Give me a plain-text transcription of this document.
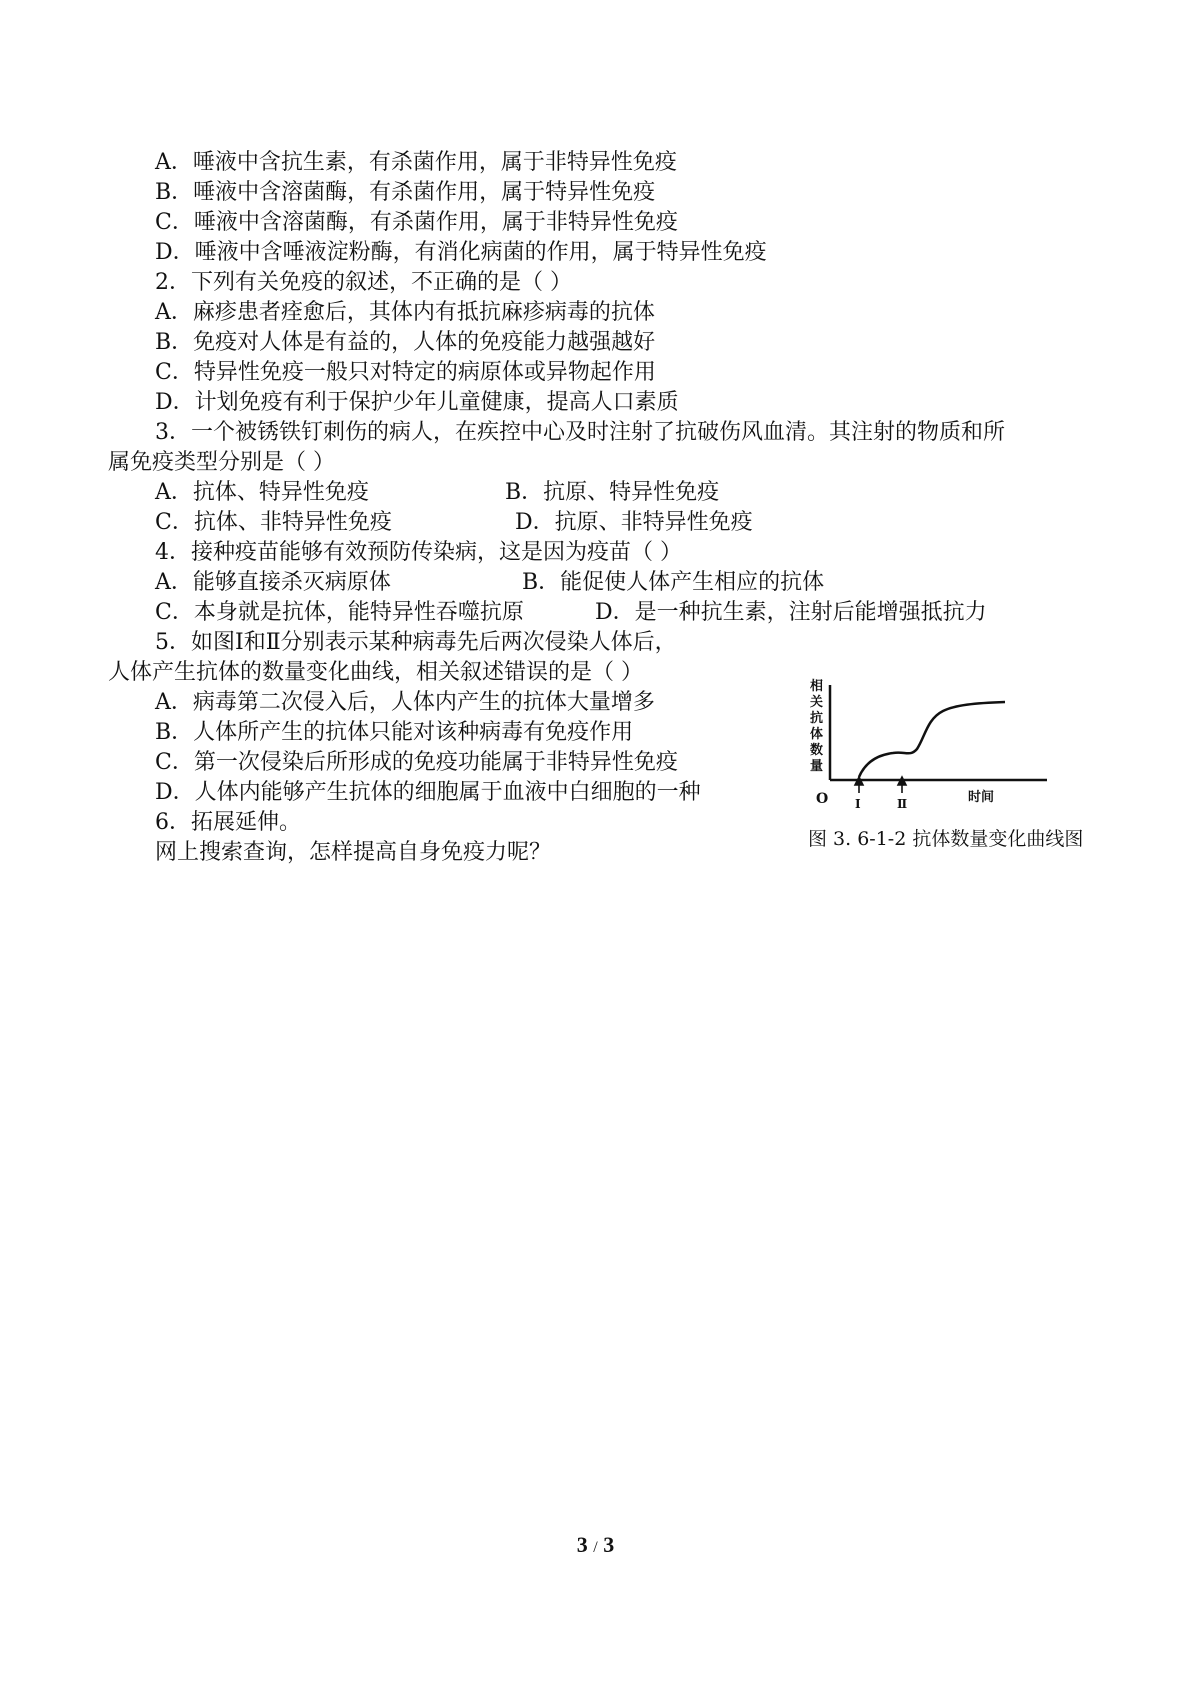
A．唾液中含抗生素，有杀菌作用，属于非特异性免疫
B．唾液中含溶菌酶，有杀菌作用，属于特异性免疫
C．唾液中含溶菌酶，有杀菌作用，属于非特异性免疫
D．唾液中含唾液淀粉酶，有消化病菌的作用，属于特异性免疫
2．下列有关免疫的叙述，不正确的是（ ）
A．麻疹患者痊愈后，其体内有抵抗麻疹病毒的抗体
B．免疫对人体是有益的，人体的免疫能力越强越好
C．特异性免疫一般只对特定的病原体或异物起作用
D．计划免疫有利于保护少年儿童健康，提高人口素质
3．一个被锈铁钉刺伤的病人，在疾控中心及时注射了抗破伤风血清。其注射的物质和所
属免疫类型分别是（ ）
A．抗体、特异性免疫	B．抗原、特异性免疫
C．抗体、非特异性免疫	D．抗原、非特异性免疫
4．接种疫苗能够有效预防传染病，这是因为疫苗（ ）
A．能够直接杀灭病原体	B．能促使人体产生相应的抗体
C．本身就是抗体，能特异性吞噬抗原	D．是一种抗生素，注射后能增强抵抗力
5．如图Ⅰ和Ⅱ分别表示某种病毒先后两次侵染人体后，
人体产生抗体的数量变化曲线，相关叙述错误的是（ ）
A．病毒第二次侵入后，人体内产生的抗体大量增多
B．人体所产生的抗体只能对该种病毒有免疫作用
C．第一次侵染后所形成的免疫功能属于非特异性免疫
D．人体内能够产生抗体的细胞属于血液中白细胞的一种
6．拓展延伸。
网上搜索查询，怎样提高自身免疫力呢？
相
关
抗
体
数
量
O Ⅰ	Ⅱ	时间
图 3. 6-1-2 抗体数量变化曲线图
3 / 3
